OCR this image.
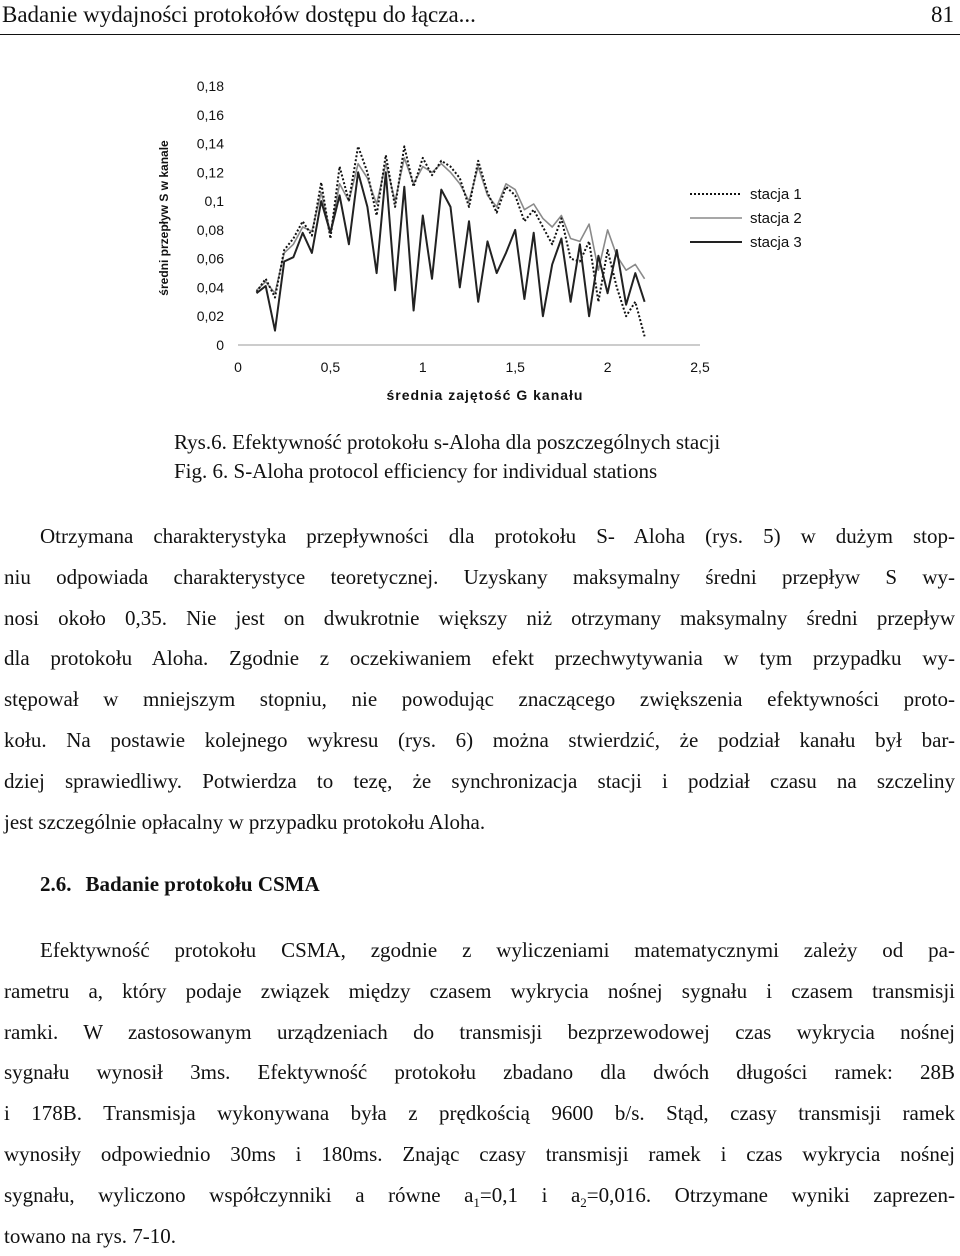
Badanie wydajności protokołów dostępu do łącza...	81
0,18
0,16
0,14
0,12
0,1
0,08
0,06
0,04
0,02
0
0	0,5	1	1,5	2	2,5
średni przepływ S w kanale
średnia zajętość G kanału
stacja 1
stacja 2
stacja 3
Rys.6. Efektywność protokołu s-Aloha dla poszczególnych stacji
Fig. 6. S-Aloha protocol efficiency for individual stations
Otrzymana charakterystyka przepływności dla protokołu S- Aloha (rys. 5) w dużym stop-
niu odpowiada charakterystyce teoretycznej. Uzyskany maksymalny średni przepływ S wy-
nosi około 0,35. Nie jest on dwukrotnie większy niż otrzymany maksymalny średni przepływ
dla protokołu Aloha. Zgodnie z oczekiwaniem efekt przechwytywania w tym przypadku wy-
stępował w mniejszym stopniu, nie powodując znaczącego zwiększenia efektywności proto-
kołu. Na postawie kolejnego wykresu (rys. 6) można stwierdzić, że podział kanału był bar-
dziej sprawiedliwy. Potwierdza to tezę, że synchronizacja stacji i podział czasu na szczeliny
jest szczególnie opłacalny w przypadku protokołu Aloha.
2.6. Badanie protokołu CSMA
Efektywność protokołu CSMA, zgodnie z wyliczeniami matematycznymi zależy od pa-
rametru a, który podaje związek między czasem wykrycia nośnej sygnału i czasem transmisji
ramki. W zastosowanym urządzeniach do transmisji bezprzewodowej czas wykrycia nośnej
sygnału wynosił 3ms. Efektywność protokołu zbadano dla dwóch długości ramek: 28B
i 178B. Transmisja wykonywana była z prędkością 9600 b/s. Stąd, czasy transmisji ramek
wynosiły odpowiednio 30ms i 180ms. Znając czasy transmisji ramek i czas wykrycia nośnej
sygnału, wyliczono współczynniki a równe $a_1=0,1$ i $a_2=0,016$. Otrzymane wyniki zaprezen-
towano na rys. 7-10.
